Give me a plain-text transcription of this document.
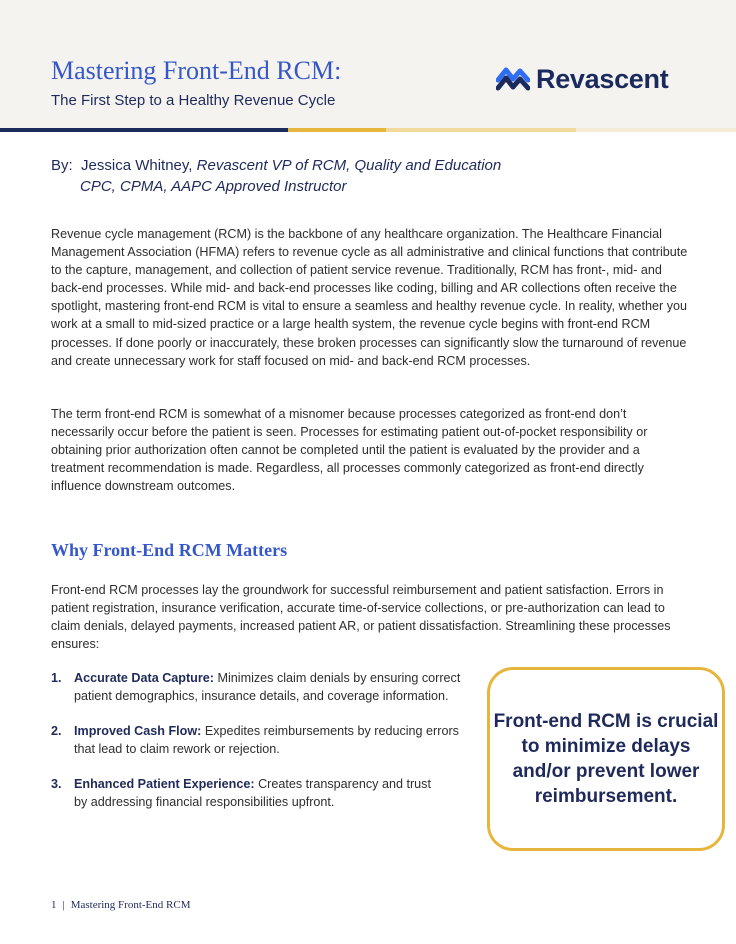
Mastering Front-End RCM:
The First Step to a Healthy Revenue Cycle
Revascent
By: Jessica Whitney, Revascent VP of RCM, Quality and Education
CPC, CPMA, AAPC Approved Instructor

Revenue cycle management (RCM) is the backbone of any healthcare organization. The Healthcare Financial Management Association (HFMA) refers to revenue cycle as all administrative and clinical functions that contribute to the capture, management, and collection of patient service revenue. Traditionally, RCM has front-, mid- and back-end processes. While mid- and back-end processes like coding, billing and AR collections often receive the spotlight, mastering front-end RCM is vital to ensure a seamless and healthy revenue cycle. In reality, whether you work at a small to mid-sized practice or a large health system, the revenue cycle begins with front-end RCM processes. If done poorly or inaccurately, these broken processes can significantly slow the turnaround of revenue and create unnecessary work for staff focused on mid- and back-end RCM processes.

The term front-end RCM is somewhat of a misnomer because processes categorized as front-end don’t necessarily occur before the patient is seen. Processes for estimating patient out-of-pocket responsibility or obtaining prior authorization often cannot be completed until the patient is evaluated by the provider and a treatment recommendation is made. Regardless, all processes commonly categorized as front-end directly influence downstream outcomes.

Why Front-End RCM Matters

Front-end RCM processes lay the groundwork for successful reimbursement and patient satisfaction. Errors in patient registration, insurance verification, accurate time-of-service collections, or pre-authorization can lead to claim denials, delayed payments, increased patient AR, or patient dissatisfaction. Streamlining these processes ensures:

1. Accurate Data Capture: Minimizes claim denials by ensuring correct patient demographics, insurance details, and coverage information.
2. Improved Cash Flow: Expedites reimbursements by reducing errors that lead to claim rework or rejection.
3. Enhanced Patient Experience: Creates transparency and trust by addressing financial responsibilities upfront.
Front-end RCM is crucial to minimize delays and/or prevent lower reimbursement.
1 | Mastering Front-End RCM
